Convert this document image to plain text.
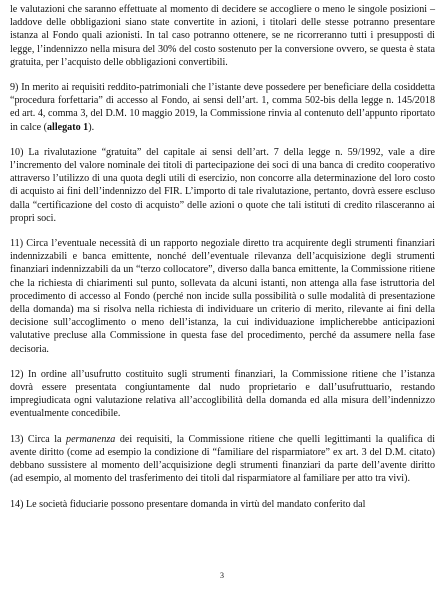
le valutazioni che saranno effettuate al momento di decidere se accogliere o meno le singole posizioni – laddove delle obbligazioni siano state convertite in azioni, i titolari delle stesse potranno presentare istanza al Fondo quali azionisti. In tal caso potranno ottenere, se ne ricorreranno tutti i presupposti di legge, l’indennizzo nella misura del 30% del costo sostenuto per la conversione ovvero, se questa è stata gratuita, per l’acquisto delle obbligazioni convertibili.

9) In merito ai requisiti reddito-patrimoniali che l’istante deve possedere per beneficiare della cosiddetta “procedura forfettaria” di accesso al Fondo, ai sensi dell’art. 1, comma 502-bis della legge n. 145/2018 ed art. 4, comma 3, del D.M. 10 maggio 2019, la Commissione rinvia al contenuto dell’appunto riportato in calce (allegato 1).

10) La rivalutazione “gratuita” del capitale ai sensi dell’art. 7 della legge n. 59/1992, vale a dire l’incremento del valore nominale dei titoli di partecipazione dei soci di una banca di credito cooperativo attraverso l’utilizzo di una quota degli utili di esercizio, non concorre alla determinazione del loro costo di acquisto ai fini dell’indennizzo del FIR. L’importo di tale rivalutazione, pertanto, dovrà essere escluso dalla “certificazione del costo di acquisto” delle azioni o quote che tali istituti di credito rilasceranno ai propri soci.

11) Circa l’eventuale necessità di un rapporto negoziale diretto tra acquirente degli strumenti finanziari indennizzabili e banca emittente, nonché dell’eventuale rilevanza dell’acquisizione degli strumenti finanziari indennizzabili da un “terzo collocatore”, diverso dalla banca emittente, la Commissione ritiene che la richiesta di chiarimenti sul punto, sollevata da alcuni istanti, non attenga alla fase istruttoria del procedimento di accesso al Fondo (perché non incide sulla possibilità o sulle modalità di presentazione della domanda) ma si risolva nella richiesta di individuare un criterio di merito, rilevante ai fini della decisione sull’accoglimento o meno dell’istanza, la cui individuazione implicherebbe anticipazioni valutative precluse alla Commissione in questa fase del procedimento, perché da assumere nella fase decisoria.

12) In ordine all’usufrutto costituito sugli strumenti finanziari, la Commissione ritiene che l’istanza dovrà essere presentata congiuntamente dal nudo proprietario e dall’usufruttuario, restando impregiudicata ogni valutazione relativa all’accoglibilità della domanda ed alla misura dell’indennizzo eventualmente concedibile.

13) Circa la permanenza dei requisiti, la Commissione ritiene che quelli legittimanti la qualifica di avente diritto (come ad esempio la condizione di “familiare del risparmiatore” ex art. 3 del D.M. citato) debbano sussistere al momento dell’acquisizione degli strumenti finanziari da parte dell’avente diritto (ad esempio, al momento del trasferimento dei titoli dal risparmiatore al familiare per atto tra vivi).

14) Le società fiduciarie possono presentare domanda in virtù del mandato conferito dal

3
